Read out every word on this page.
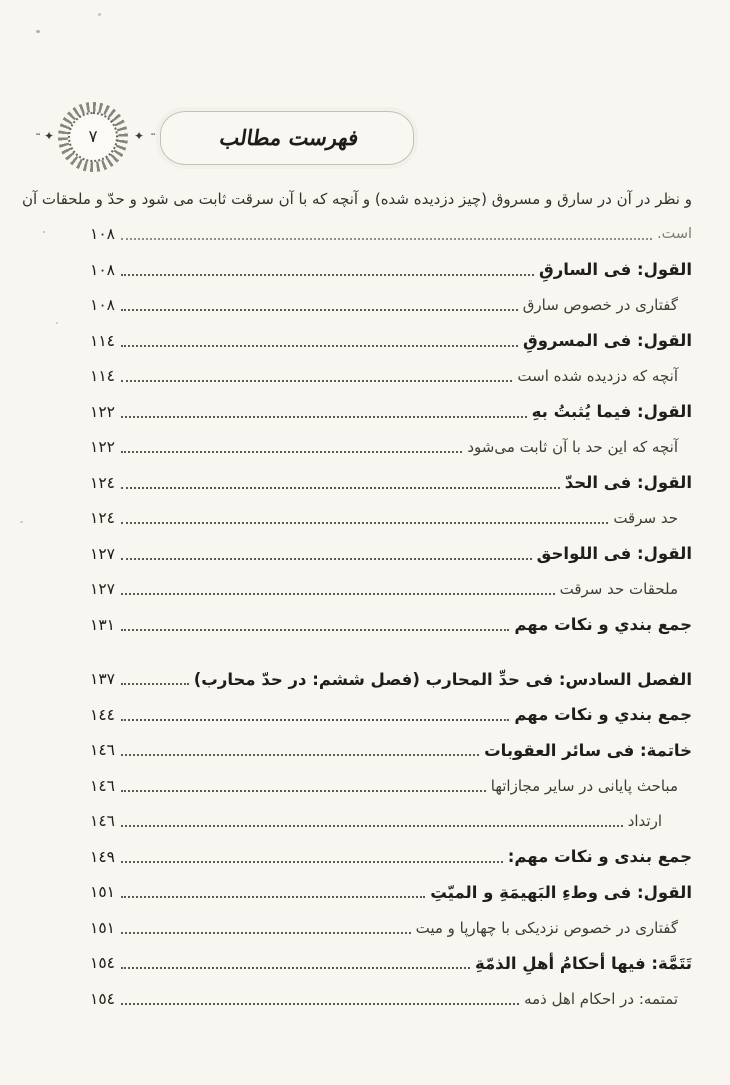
·· ✦ ٧	✦ ··	فهرست مطالب
و نظر در آن در سارق و مسروق (چیز دزدیده شده) و آنچه که با آن سرقت ثابت می شود و حدّ و ملحقات آن
است.
١٠٨
القول: فی السارقِ
١٠٨
گفتاری در خصوص سارق
١٠٨
القول: فی المسروقِ
١١٤
آنچه که دزدیده شده است
١١٤
القول: فیما یُثبتُ بهِ
١٢٢
آنچه که این حد با آن ثابت می‌شود
١٢٢
القول: فی الحدّ
١٢٤
حد سرقت
١٢٤
القول: فی اللواحق
١٢٧
ملحقات حد سرقت
١٢٧
جمع بندي و نکات مهم
١٣١
الفصل السادس: فی حدِّ المحارب (فصل ششم: در حدّ محارب)
١٣٧
جمع بندي و نکات مهم
١٤٤
خاتمة: فی سائر العقوبات
١٤٦
مباحث پایانی در سایر مجازاتها
١٤٦
ارتداد
١٤٦
جمع بندی و نکات مهم:
١٤٩
القول: فی وطءِ البَهیمَةِ و المیّتِ
١٥١
گفتاری در خصوص نزدیکی با چهارپا و میت
١٥١
تَتَمَّة: فیها أحکامُ أهلِ الذمّةِ
١٥٤
تمتمه: در احکام اهل ذمه
١٥٤
